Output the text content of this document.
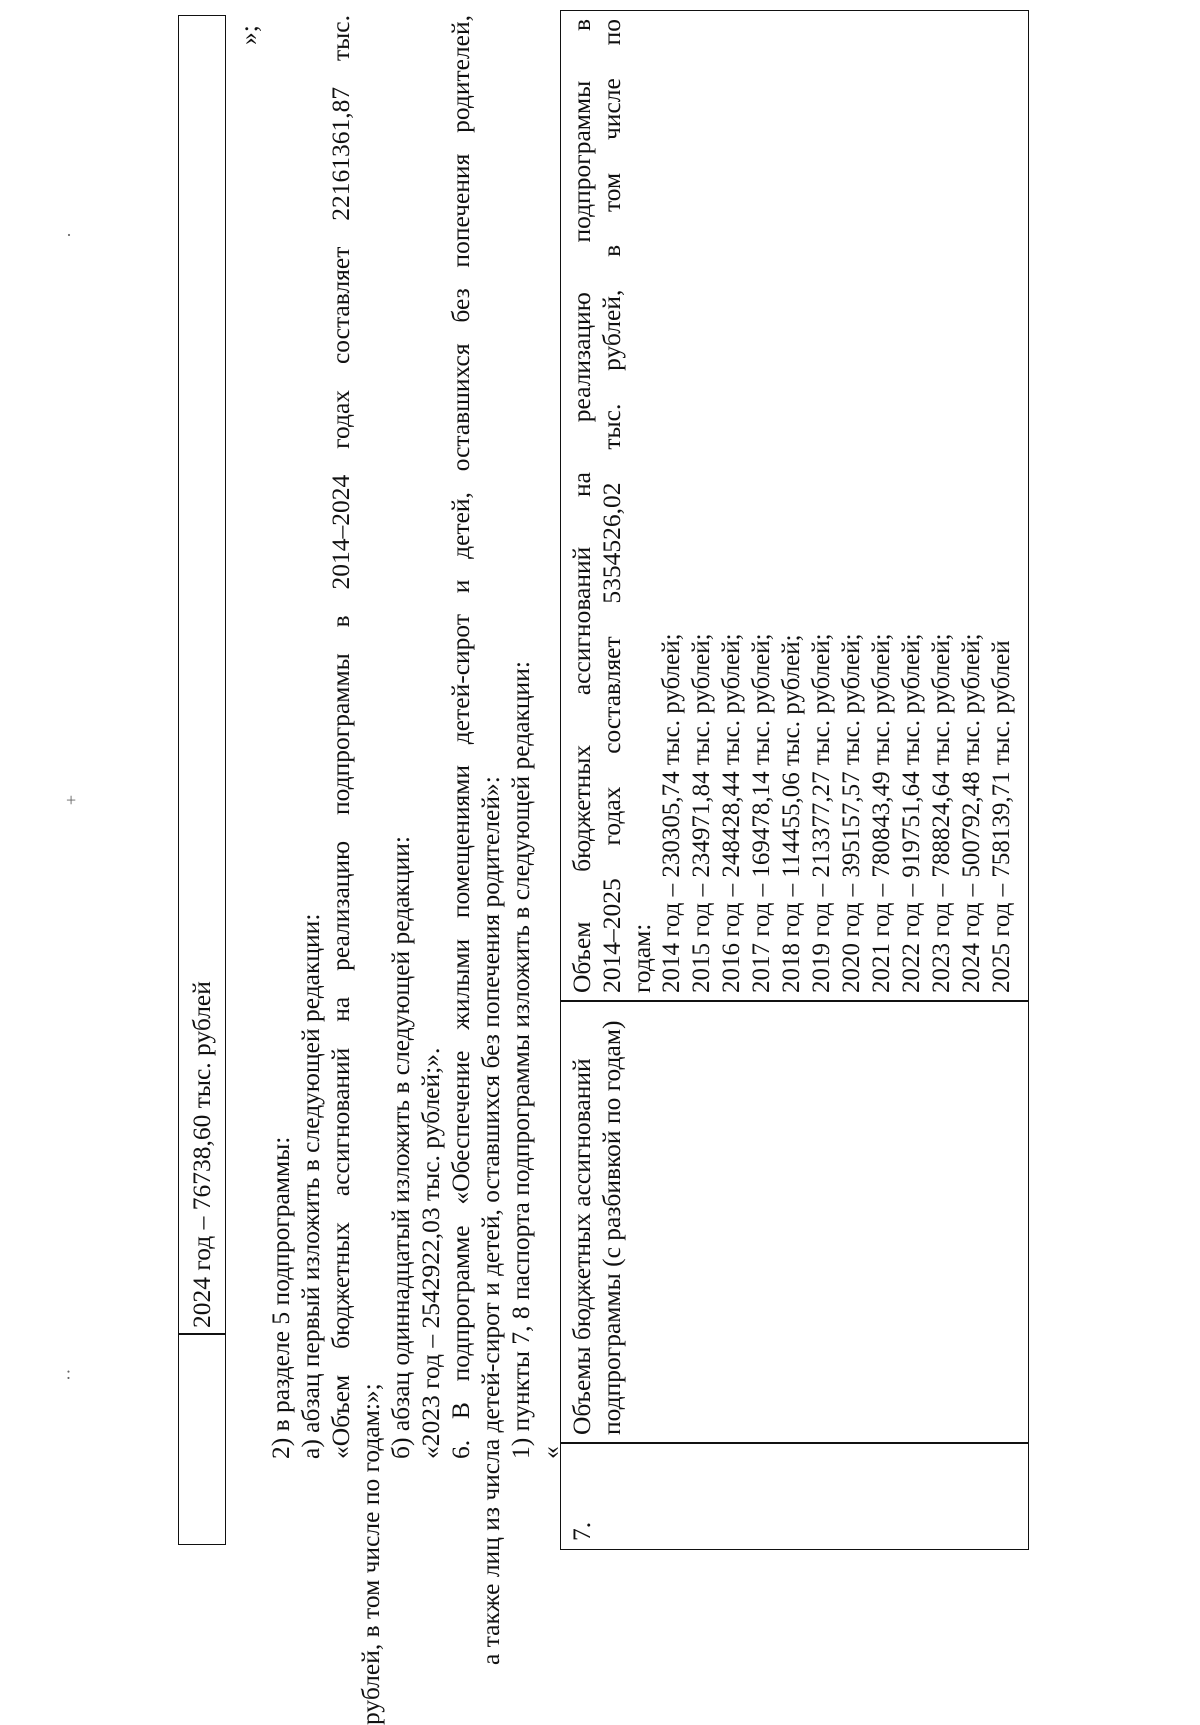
·
+
:
2024 год – 76738,60 тыс. рублей
»;
2) в разделе 5 подпрограммы: а) абзац первый изложить в следующей редакции: «Объем бюджетных ассигнований на реализацию подпрограммы в 2014–2024 годах составляет 22161361,87 тыс.
рублей, в том числе по годам:»;
б) абзац одиннадцатый изложить в следующей редакции: «2023 год – 2542922,03 тыс. рублей;». 6. В подпрограмме «Обеспечение жилыми помещениями детей-сирот и детей, оставшихся без попечения родителей, а также лиц из числа детей-сирот и детей, оставшихся без попечения родителей»: 1) пункты 7, 8 паспорта подпрограммы изложить в следующей редакции: «
7.
Объемы бюджетных ассигнований подпрограммы (с разбивкой по годам)
Объем бюджетных ассигнований на реализацию подпрограммы в 2014–2025 годах составляет 5354526,02 тыс. рублей, в том числе по годам: 2014 год – 230305,74 тыс. рублей; 2015 год – 234971,84 тыс. рублей; 2016 год – 248428,44 тыс. рублей; 2017 год – 169478,14 тыс. рублей; 2018 год – 114455,06 тыс. рублей; 2019 год – 213377,27 тыс. рублей; 2020 год – 395157,57 тыс. рублей; 2021 год – 780843,49 тыс. рублей; 2022 год – 919751,64 тыс. рублей; 2023 год – 788824,64 тыс. рублей; 2024 год – 500792,48 тыс. рублей; 2025 год – 758139,71 тыс. рублей
